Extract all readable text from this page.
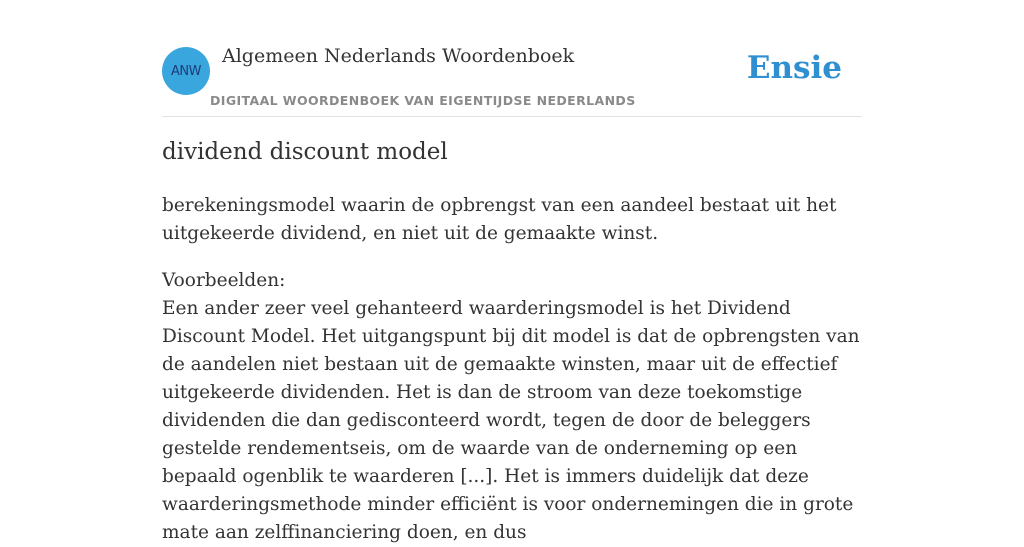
ANW
Algemeen Nederlands Woordenboek
DIGITAAL WOORDENBOEK VAN EIGENTIJDSE NEDERLANDS
Ensie
dividend discount model

berekeningsmodel waarin de opbrengst van een aandeel bestaat uit het uitgekeerde dividend, en niet uit de gemaakte winst.

Voorbeelden:
Een ander zeer veel gehanteerd waarderingsmodel is het Dividend Discount Model. Het uitgangspunt bij dit model is dat de opbrengsten van de aandelen niet bestaan uit de gemaakte winsten, maar uit de effectief uitgekeerde dividenden. Het is dan de stroom van deze toekomstige dividenden die dan gedisconteerd wordt, tegen de door de beleggers gestelde rendementseis, om de waarde van de onderneming op een bepaald ogenblik te waarderen [...]. Het is immers duidelijk dat deze waarderingsmethode minder efficiënt is voor ondernemingen die in grote mate aan zelffinanciering doen, en dus
